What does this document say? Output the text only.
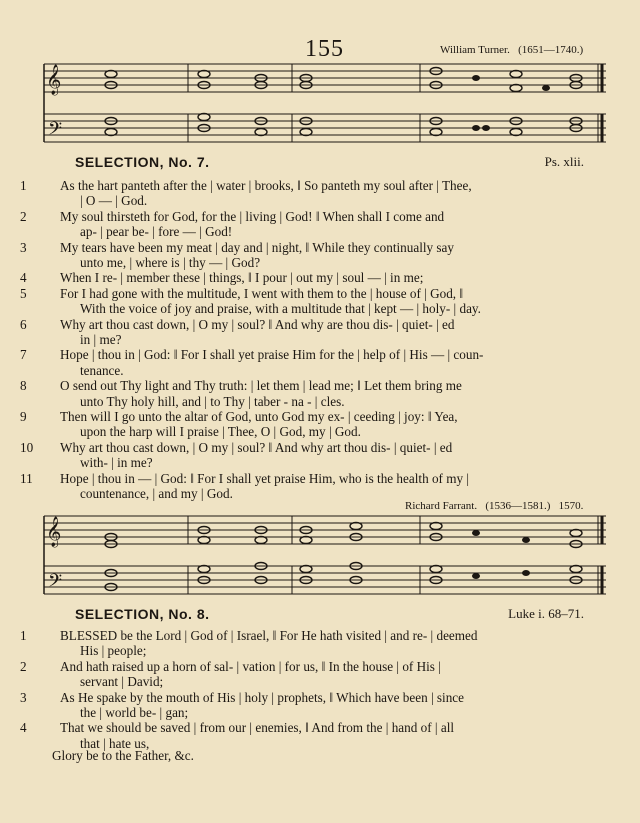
155	William Turner. (1651—1740.)
𝄞
𝄢
SELECTION, No. 7.	Ps. xlii.
1	As the hart panteth after the | water | brooks, ‖ So panteth my soul after | Thee,
| O — | God.
2	My soul thirsteth for God, for the | living | God! ‖ When shall I come and
ap- | pear be- | fore — | God!
3	My tears have been my meat | day and | night, ‖ While they continually say
unto me, | where is | thy — | God?
4	When I re- | member these | things, ‖ I pour | out my | soul — | in me;
5	For I had gone with the multitude, I went with them to the | house of | God, ‖
With the voice of joy and praise, with a multitude that | kept — | holy- | day.
6	Why art thou cast down, | O my | soul? ‖ And why are thou dis- | quiet- | ed
in | me?
7	Hope | thou in | God: ‖ For I shall yet praise Him for the | help of | His — | coun-
tenance.
8	O send out Thy light and Thy truth: | let them | lead me; ‖ Let them bring me
unto Thy holy hill, and | to Thy | taber - na - | cles.
9	Then will I go unto the altar of God, unto God my ex- | ceeding | joy: ‖ Yea,
upon the harp will I praise | Thee, O | God, my | God.
10	Why art thou cast down, | O my | soul? ‖ And why art thou dis- | quiet- | ed
with- | in me?
11	Hope | thou in — | God: ‖ For I shall yet praise Him, who is the health of my |
countenance, | and my | God.
Richard Farrant. (1536—1581.) 1570.
𝄞
𝄢
SELECTION, No. 8.	Luke i. 68–71.
1	BLESSED be the Lord | God of | Israel, ‖ For He hath visited | and re- | deemed
His | people;
2	And hath raised up a horn of sal- | vation | for us, ‖ In the house | of His |
servant | David;
3	As He spake by the mouth of His | holy | prophets, ‖ Which have been | since
the | world be- | gan;
4	That we should be saved | from our | enemies, ‖ And from the | hand of | all
that | hate us,
Glory be to the Father, &c.
